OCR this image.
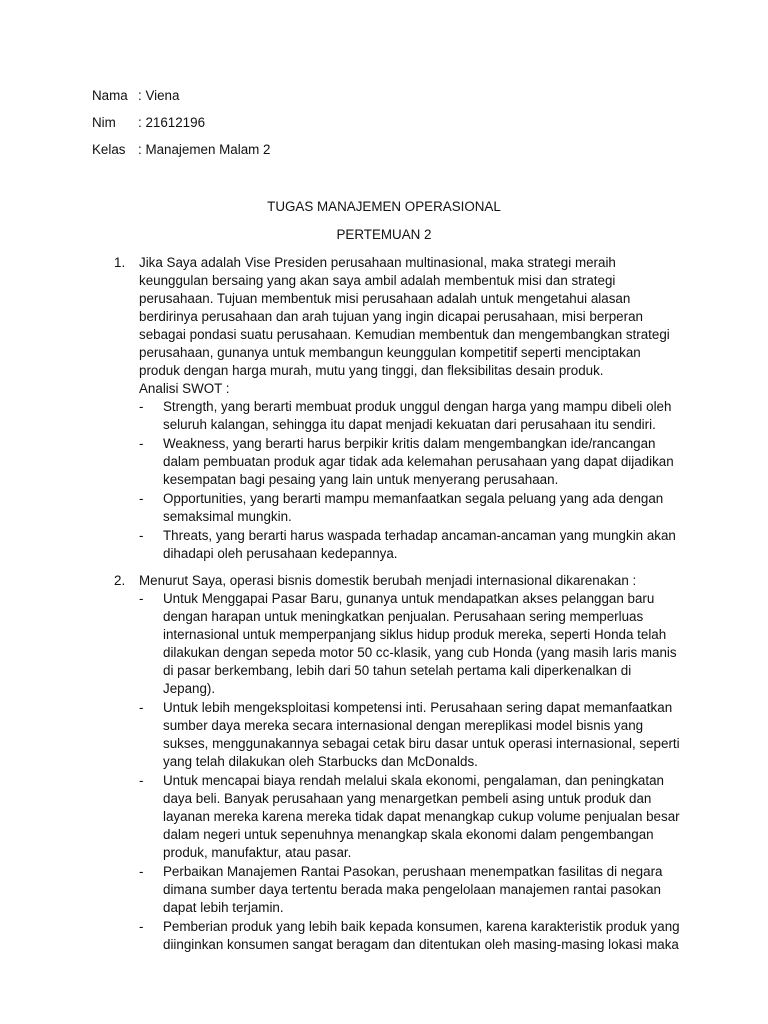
Nama : Viena
Nim : 21612196
Kelas : Manajemen Malam 2
TUGAS MANAJEMEN OPERASIONAL
PERTEMUAN 2
1. Jika Saya adalah Vise Presiden perusahaan multinasional, maka strategi meraih keunggulan bersaing yang akan saya ambil adalah membentuk misi dan strategi perusahaan. Tujuan membentuk misi perusahaan adalah untuk mengetahui alasan berdirinya perusahaan dan arah tujuan yang ingin dicapai perusahaan, misi berperan sebagai pondasi suatu perusahaan. Kemudian membentuk dan mengembangkan strategi perusahaan, gunanya untuk membangun keunggulan kompetitif seperti menciptakan produk dengan harga murah, mutu yang tinggi, dan fleksibilitas desain produk.

Analisi SWOT :

- Strength, yang berarti membuat produk unggul dengan harga yang mampu dibeli oleh seluruh kalangan, sehingga itu dapat menjadi kekuatan dari perusahaan itu sendiri.
- Weakness, yang berarti harus berpikir kritis dalam mengembangkan ide/rancangan dalam pembuatan produk agar tidak ada kelemahan perusahaan yang dapat dijadikan kesempatan bagi pesaing yang lain untuk menyerang perusahaan.
- Opportunities, yang berarti mampu memanfaatkan segala peluang yang ada dengan semaksimal mungkin.
- Threats, yang berarti harus waspada terhadap ancaman-ancaman yang mungkin akan dihadapi oleh perusahaan kedepannya.
2. Menurut Saya, operasi bisnis domestik berubah menjadi internasional dikarenakan :

- Untuk Menggapai Pasar Baru, gunanya untuk mendapatkan akses pelanggan baru dengan harapan untuk meningkatkan penjualan. Perusahaan sering memperluas internasional untuk memperpanjang siklus hidup produk mereka, seperti Honda telah dilakukan dengan sepeda motor 50 cc-klasik, yang cub Honda (yang masih laris manis di pasar berkembang, lebih dari 50 tahun setelah pertama kali diperkenalkan di Jepang).
- Untuk lebih mengeksploitasi kompetensi inti. Perusahaan sering dapat memanfaatkan sumber daya mereka secara internasional dengan mereplikasi model bisnis yang sukses, menggunakannya sebagai cetak biru dasar untuk operasi internasional, seperti yang telah dilakukan oleh Starbucks dan McDonalds.
- Untuk mencapai biaya rendah melalui skala ekonomi, pengalaman, dan peningkatan daya beli. Banyak perusahaan yang menargetkan pembeli asing untuk produk dan layanan mereka karena mereka tidak dapat menangkap cukup volume penjualan besar dalam negeri untuk sepenuhnya menangkap skala ekonomi dalam pengembangan produk, manufaktur, atau pasar.
- Perbaikan Manajemen Rantai Pasokan, perushaan menempatkan fasilitas di negara dimana sumber daya tertentu berada maka pengelolaan manajemen rantai pasokan dapat lebih terjamin.
- Pemberian produk yang lebih baik kepada konsumen, karena karakteristik produk yang diinginkan konsumen sangat beragam dan ditentukan oleh masing-masing lokasi maka
